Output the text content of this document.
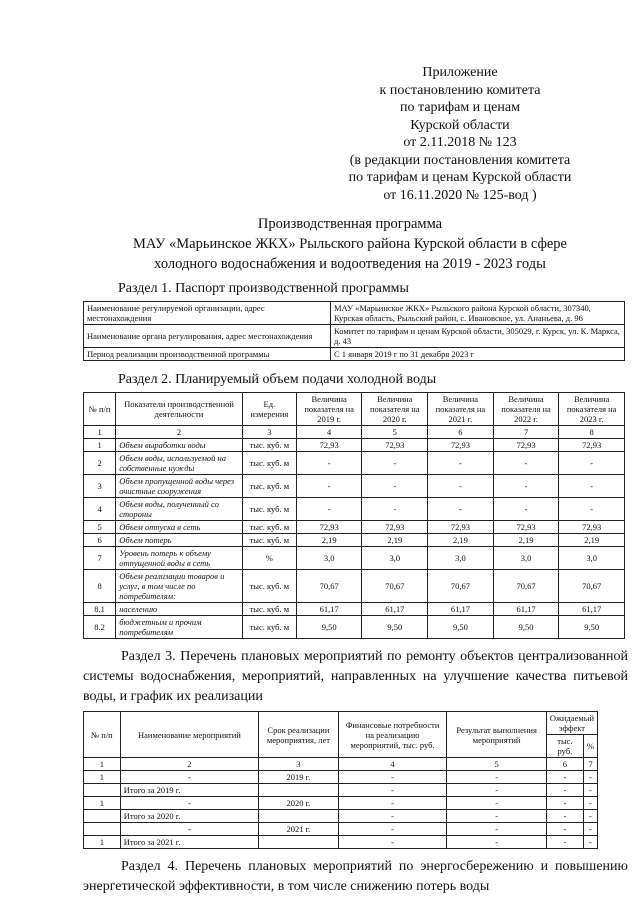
Приложение
к постановлению комитета
по тарифам и ценам
Курской области
от 2.11.2018 № 123
(в редакции постановления комитета
по тарифам и ценам Курской области
от 16.11.2020 № 125-вод )
Производственная программа
МАУ «Марьинское ЖКХ» Рыльского района Курской области в сфере
холодного водоснабжения и водоотведения на 2019 - 2023 годы
Раздел 1. Паспорт производственной программы
Наименование регулируемой организации, адрес местонахождения	МАУ «Марьинское ЖКХ» Рыльского района Курской области, 307340, Курская область, Рыльский район, с. Ивановское, ул. Ананьева, д. 96
Наименование органа регулирования, адрес местонахождения	Комитет по тарифам и ценам Курской области, 305029, г. Курск, ул. К. Маркса, д. 43
Период реализации производственной программы	С 1 января 2019 г по 31 декабря 2023 г
Раздел 2. Планируемый объем подачи холодной воды
№ п/п	Показатели производственной деятельности	Ед. измерения	Величина показателя на 2019 г.	Величина показателя на 2020 г.	Величина показателя на 2021 г.	Величина показателя на 2022 г.	Величина показателя на 2023 г.
1	2	3	4	5	6	7	8
1	Объем выработки воды	тыс. куб. м	72,93	72,93	72,93	72,93	72,93
2	Объем воды, используемой на собственные нужды	тыс. куб. м	-	-	-	-	-
3	Объем пропущенной воды через очистные сооружения	тыс. куб. м	-	-	-	-	-
4	Объем воды, полученный со стороны	тыс. куб. м	-	-	-	-	-
5	Объем отпуска в сеть	тыс. куб. м	72,93	72,93	72,93	72,93	72,93
6	Объем потерь	тыс. куб. м	2,19	2,19	2,19	2,19	2,19
7	Уровень потерь к объему отпущенной воды в сеть	%	3,0	3,0	3,0	3,0	3,0
8	Объем реализации товаров и услуг, в том числе по потребителям:	тыс. куб. м	70,67	70,67	70,67	70,67	70,67
8.1	населению	тыс. куб. м	61,17	61,17	61,17	61,17	61,17
8.2	бюджетным и прочим потребителям	тыс. куб. м	9,50	9,50	9,50	9,50	9,50
Раздел 3. Перечень плановых мероприятий по ремонту объектов централизованной системы водоснабжения, мероприятий, направленных на улучшение качества питьевой воды, и график их реализации
№ п/п	Наименование мероприятий	Срок реализации мероприятия, лет	Финансовые потребности на реализацию мероприятий, тыс. руб.	Результат выполнения мероприятий	Ожидаемый эффект	
					тыс. руб.	%
1	2	3	4	5	6	7
1	-	2019 г.	-	-	-	-
	Итого за 2019 г.		-	-	-	-
1	-	2020 г.	-	-	-	-
	Итого за 2020 г.		-	-	-	-
	-	2021 г.	-	-	-	-
1	Итого за 2021 г.		-	-	-	-
Раздел 4. Перечень плановых мероприятий по энергосбережению и повышению энергетической эффективности, в том числе снижению потерь воды
